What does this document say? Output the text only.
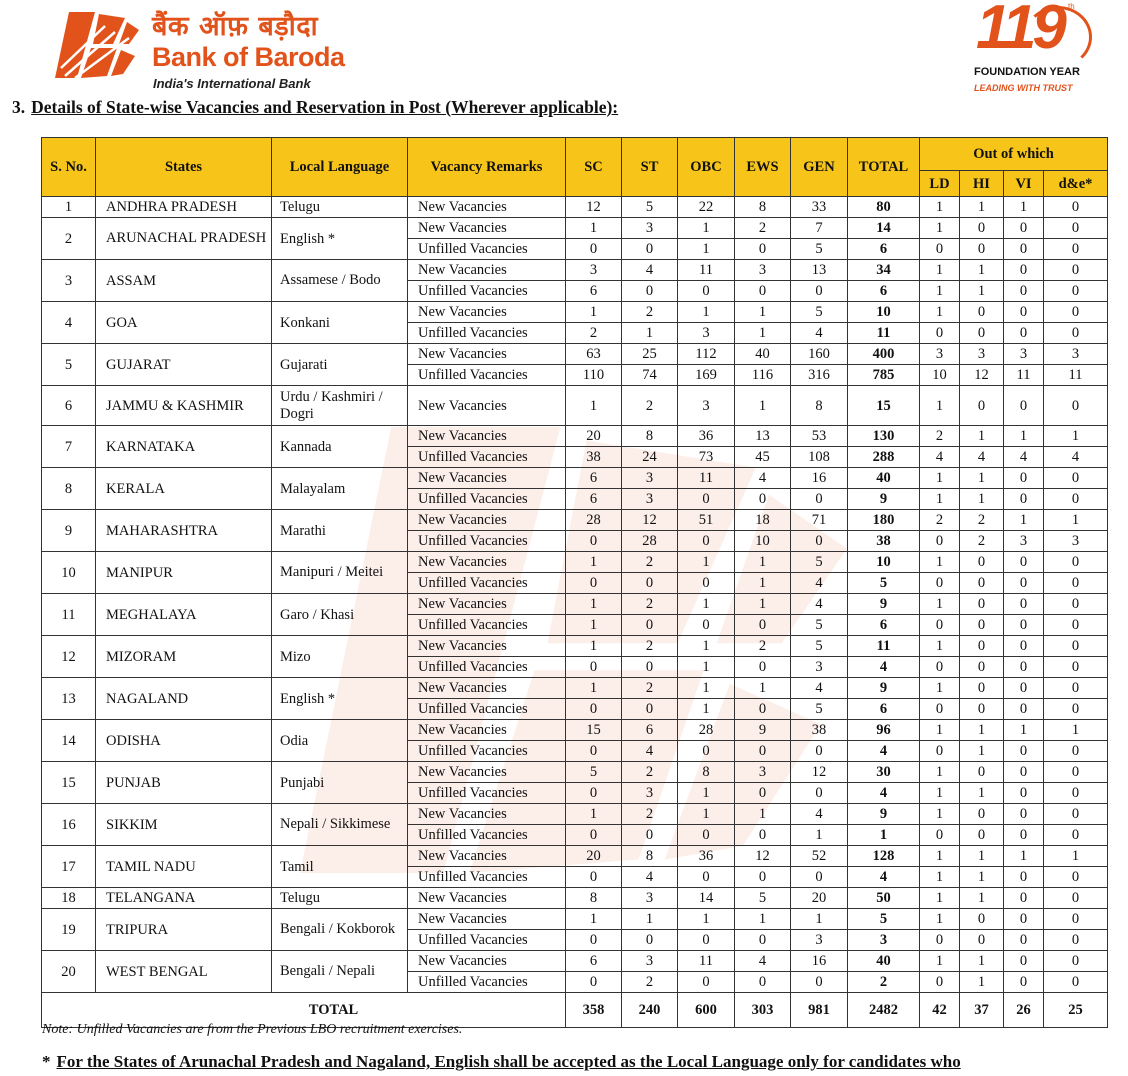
बैंक ऑफ़ बड़ौदा
Bank of Baroda
India's International Bank
119 th
FOUNDATION YEAR
LEADING WITH TRUST
3. Details of State-wise Vacancies and Reservation in Post (Wherever applicable):
S. No.	States	Local Language	Vacancy Remarks	SC	ST	OBC	EWS	GEN	TOTAL	Out of which			
										LD	HI	VI	d&e*
1	ANDHRA PRADESH	Telugu	New Vacancies	12	5	22	8	33	80	1	1	1	0
2	ARUNACHAL PRADESH	English *	New Vacancies	1	3	1	2	7	14	1	0	0	0
			Unfilled Vacancies	0	0	1	0	5	6	0	0	0	0
3	ASSAM	Assamese / Bodo	New Vacancies	3	4	11	3	13	34	1	1	0	0
			Unfilled Vacancies	6	0	0	0	0	6	1	1	0	0
4	GOA	Konkani	New Vacancies	1	2	1	1	5	10	1	0	0	0
			Unfilled Vacancies	2	1	3	1	4	11	0	0	0	0
5	GUJARAT	Gujarati	New Vacancies	63	25	112	40	160	400	3	3	3	3
			Unfilled Vacancies	110	74	169	116	316	785	10	12	11	11
6	JAMMU & KASHMIR	Urdu / Kashmiri / Dogri	New Vacancies	1	2	3	1	8	15	1	0	0	0
7	KARNATAKA	Kannada	New Vacancies	20	8	36	13	53	130	2	1	1	1
			Unfilled Vacancies	38	24	73	45	108	288	4	4	4	4
8	KERALA	Malayalam	New Vacancies	6	3	11	4	16	40	1	1	0	0
			Unfilled Vacancies	6	3	0	0	0	9	1	1	0	0
9	MAHARASHTRA	Marathi	New Vacancies	28	12	51	18	71	180	2	2	1	1
			Unfilled Vacancies	0	28	0	10	0	38	0	2	3	3
10	MANIPUR	Manipuri / Meitei	New Vacancies	1	2	1	1	5	10	1	0	0	0
			Unfilled Vacancies	0	0	0	1	4	5	0	0	0	0
11	MEGHALAYA	Garo / Khasi	New Vacancies	1	2	1	1	4	9	1	0	0	0
			Unfilled Vacancies	1	0	0	0	5	6	0	0	0	0
12	MIZORAM	Mizo	New Vacancies	1	2	1	2	5	11	1	0	0	0
			Unfilled Vacancies	0	0	1	0	3	4	0	0	0	0
13	NAGALAND	English *	New Vacancies	1	2	1	1	4	9	1	0	0	0
			Unfilled Vacancies	0	0	1	0	5	6	0	0	0	0
14	ODISHA	Odia	New Vacancies	15	6	28	9	38	96	1	1	1	1
			Unfilled Vacancies	0	4	0	0	0	4	0	1	0	0
15	PUNJAB	Punjabi	New Vacancies	5	2	8	3	12	30	1	0	0	0
			Unfilled Vacancies	0	3	1	0	0	4	1	1	0	0
16	SIKKIM	Nepali / Sikkimese	New Vacancies	1	2	1	1	4	9	1	0	0	0
			Unfilled Vacancies	0	0	0	0	1	1	0	0	0	0
17	TAMIL NADU	Tamil	New Vacancies	20	8	36	12	52	128	1	1	1	1
			Unfilled Vacancies	0	4	0	0	0	4	1	1	0	0
18	TELANGANA	Telugu	New Vacancies	8	3	14	5	20	50	1	1	0	0
19	TRIPURA	Bengali / Kokborok	New Vacancies	1	1	1	1	1	5	1	0	0	0
			Unfilled Vacancies	0	0	0	0	3	3	0	0	0	0
20	WEST BENGAL	Bengali / Nepali	New Vacancies	6	3	11	4	16	40	1	1	0	0
			Unfilled Vacancies	0	2	0	0	0	2	0	1	0	0
TOTAL				358	240	600	303	981	2482	42	37	26	25
Note: Unfilled Vacancies are from the Previous LBO recruitment exercises.
* For the States of Arunachal Pradesh and Nagaland, English shall be accepted as the Local Language only for candidates who
